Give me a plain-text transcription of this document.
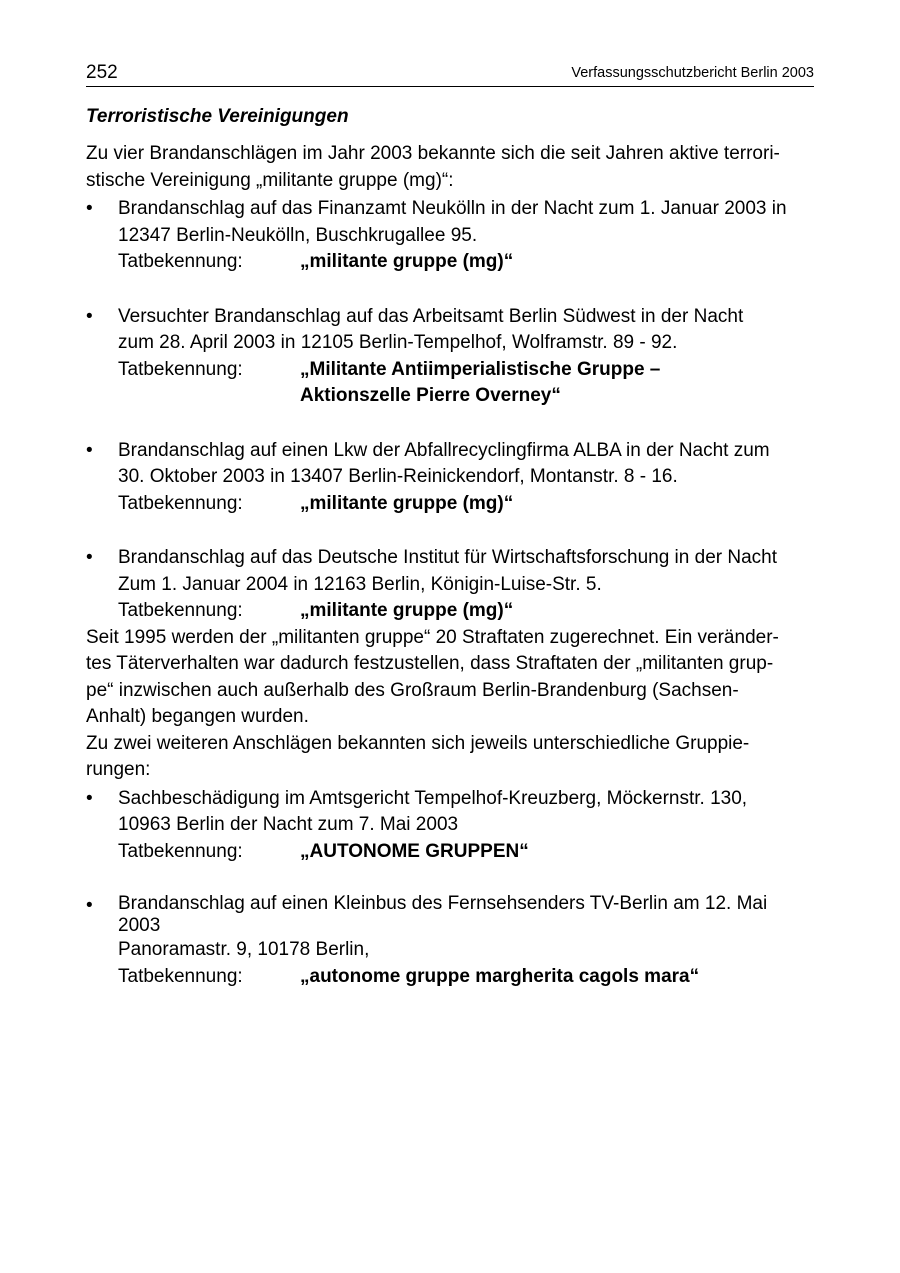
252	Verfassungsschutzbericht Berlin 2003
Terroristische Vereinigungen

Zu vier Brandanschlägen im Jahr 2003 bekannte sich die seit Jahren aktive terrori-
stische Vereinigung „militante gruppe (mg)“:

•	Brandanschlag auf das Finanzamt Neukölln in der Nacht zum 1. Januar 2003 in
12347 Berlin-Neukölln, Buschkrugallee 95.
Tatbekennung:	„militante gruppe (mg)“
•	Versuchter Brandanschlag auf das Arbeitsamt Berlin Südwest in der Nacht
zum 28. April 2003 in 12105 Berlin-Tempelhof, Wolframstr. 89 - 92.
Tatbekennung:	„Militante Antiimperialistische Gruppe –
Aktionszelle Pierre Overney“
•	Brandanschlag auf einen Lkw der Abfallrecyclingfirma ALBA in der Nacht zum
30. Oktober 2003 in 13407 Berlin-Reinickendorf, Montanstr. 8 - 16.
Tatbekennung:	„militante gruppe (mg)“
•	Brandanschlag auf das Deutsche Institut für Wirtschaftsforschung in der Nacht
Zum 1. Januar 2004 in 12163 Berlin, Königin-Luise-Str. 5.
Tatbekennung:	„militante gruppe (mg)“

Seit 1995 werden der „militanten gruppe“ 20 Straftaten zugerechnet. Ein veränder-
tes Täterverhalten war dadurch festzustellen, dass Straftaten der „militanten grup-
pe“ inzwischen auch außerhalb des Großraum Berlin-Brandenburg (Sachsen-
Anhalt) begangen wurden.

Zu zwei weiteren Anschlägen bekannten sich jeweils unterschiedliche Gruppie-
rungen:

•	Sachbeschädigung im Amtsgericht Tempelhof-Kreuzberg, Möckernstr. 130,
10963 Berlin der Nacht zum 7. Mai 2003
Tatbekennung:	„AUTONOME GRUPPEN“
•	Brandanschlag auf einen Kleinbus des Fernsehsenders TV-Berlin am 12. Mai
2003
Panoramastr. 9, 10178 Berlin,
Tatbekennung:	„autonome gruppe margherita cagols mara“
